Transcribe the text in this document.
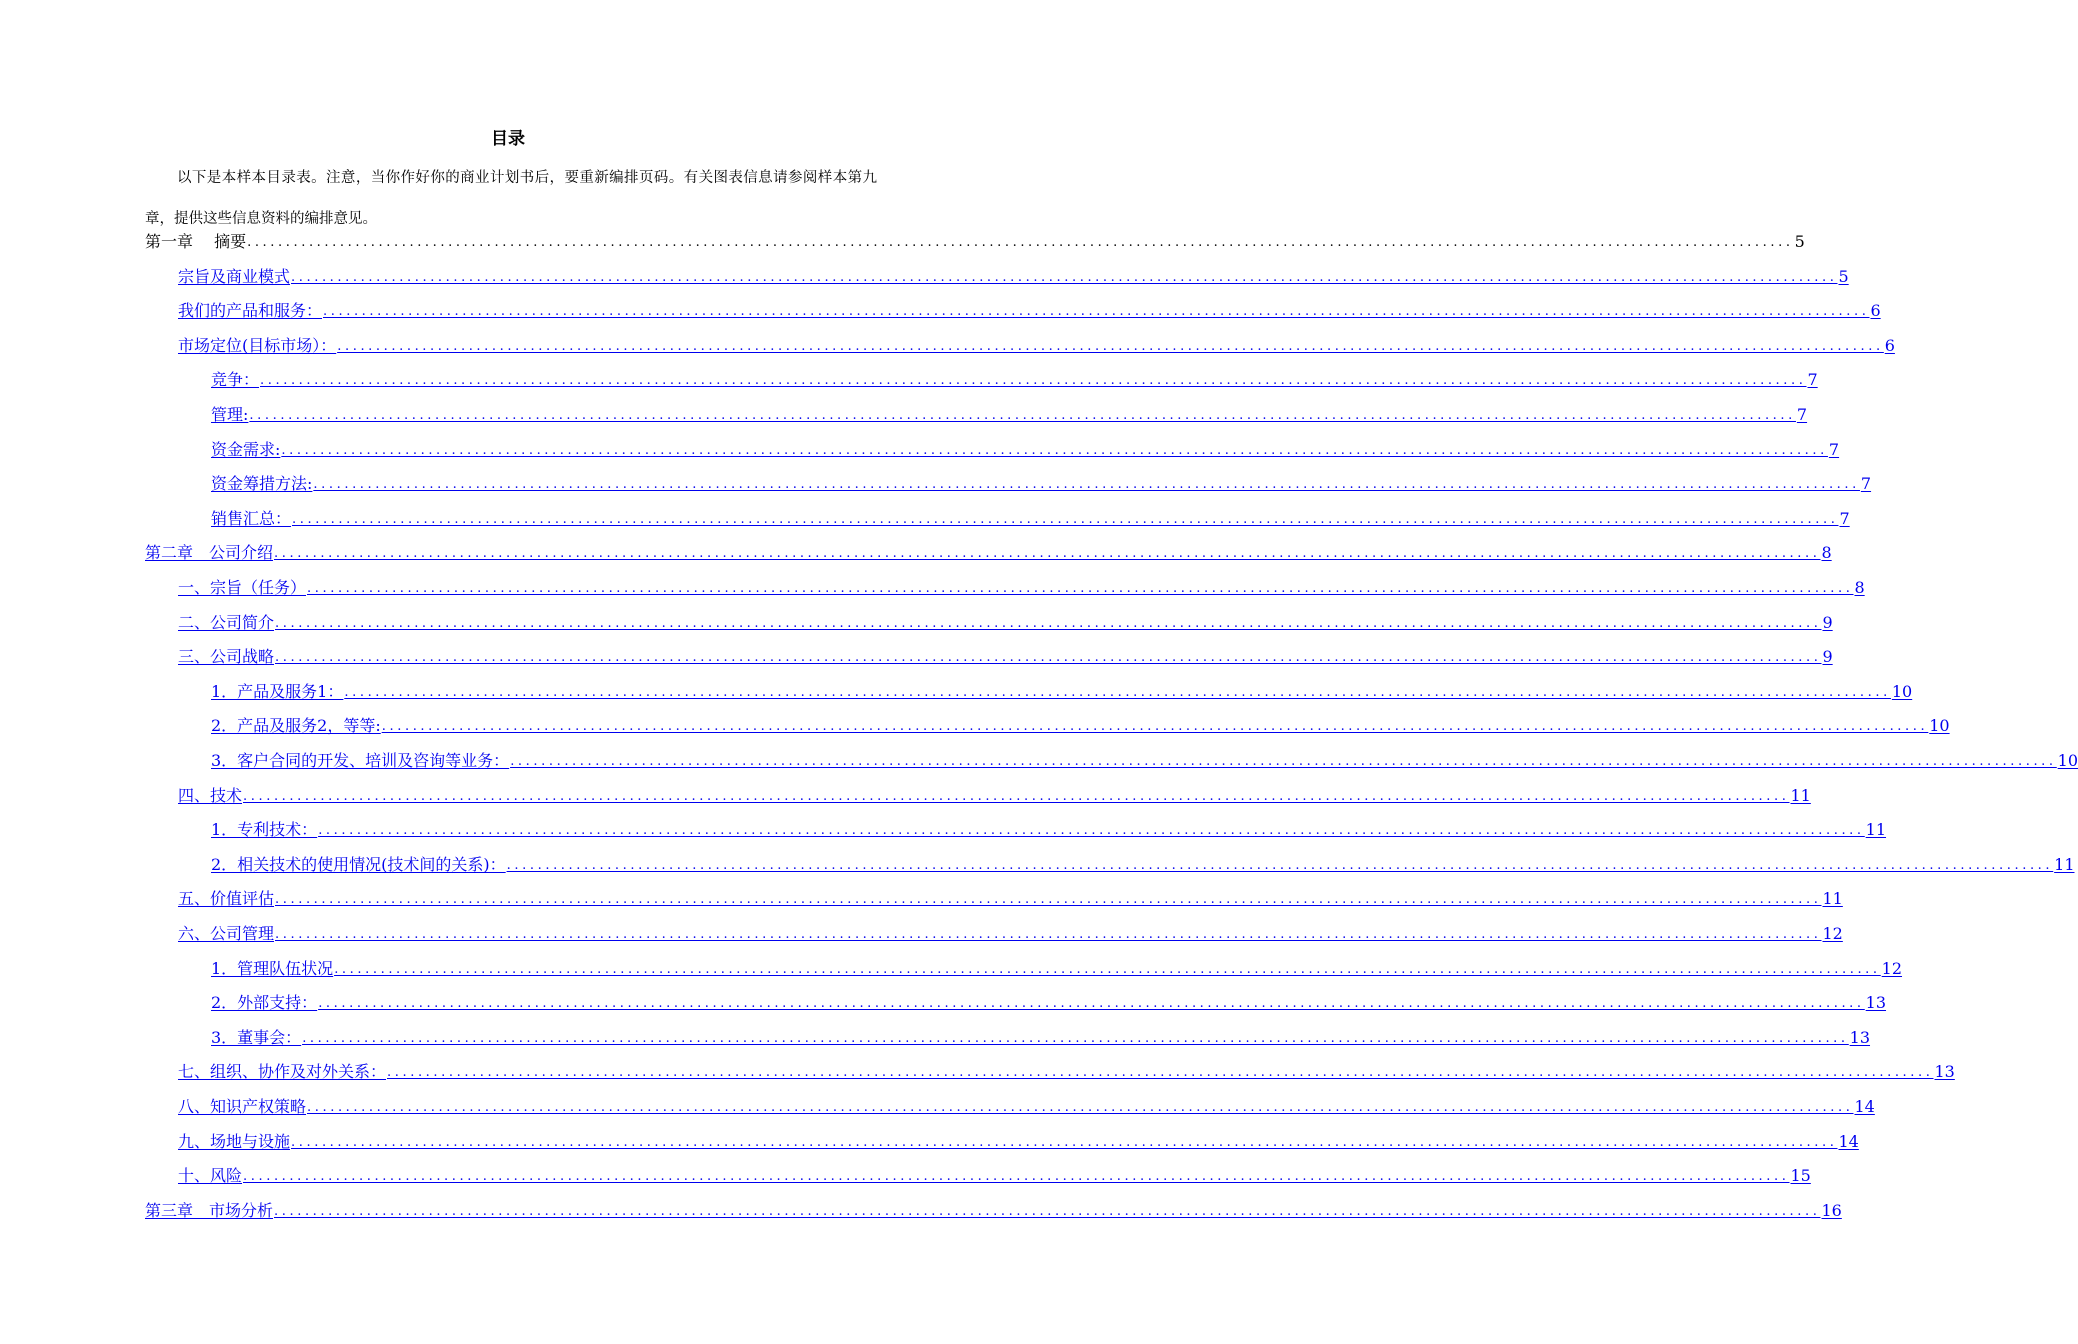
目录
以下是本样本目录表。注意，当你作好你的商业计划书后，要重新编排页码。有关图表信息请参阅样本第九章，提供这些信息资料的编排意见。
第一章　 摘要 ........................................................................................................................................................................................................ 5
宗旨及商业模式 ........................................................................................................................................................................................................ 5
我们的产品和服务： ........................................................................................................................................................................................................ 6
市场定位(目标市场）： ........................................................................................................................................................................................................ 6
竞争： ........................................................................................................................................................................................................ 7
管理: ........................................................................................................................................................................................................ 7
资金需求: ........................................................................................................................................................................................................ 7
资金筹措方法: ........................................................................................................................................................................................................ 7
销售汇总： ........................................................................................................................................................................................................ 7
第二章　公司介绍 ........................................................................................................................................................................................................ 8
一、宗旨（任务） ........................................................................................................................................................................................................ 8
二、公司简介 ........................................................................................................................................................................................................ 9
三、公司战略 ........................................................................................................................................................................................................ 9
1．产品及服务1： ........................................................................................................................................................................................................ 10
2．产品及服务2，等等: ........................................................................................................................................................................................................ 10
3．客户合同的开发、培训及咨询等业务： ........................................................................................................................................................................................................ 10
四、技术 ........................................................................................................................................................................................................ 11
1．专利技术： ........................................................................................................................................................................................................ 11
2．相关技术的使用情况(技术间的关系)： ........................................................................................................................................................................................................ 11
五、价值评估 ........................................................................................................................................................................................................ 11
六、公司管理 ........................................................................................................................................................................................................ 12
1．管理队伍状况 ........................................................................................................................................................................................................ 12
2．外部支持： ........................................................................................................................................................................................................ 13
3．董事会： ........................................................................................................................................................................................................ 13
七、组织、协作及对外关系： ........................................................................................................................................................................................................ 13
八、知识产权策略 ........................................................................................................................................................................................................ 14
九、场地与设施 ........................................................................................................................................................................................................ 14
十、风险 ........................................................................................................................................................................................................ 15
第三章　市场分析 ........................................................................................................................................................................................................ 16
